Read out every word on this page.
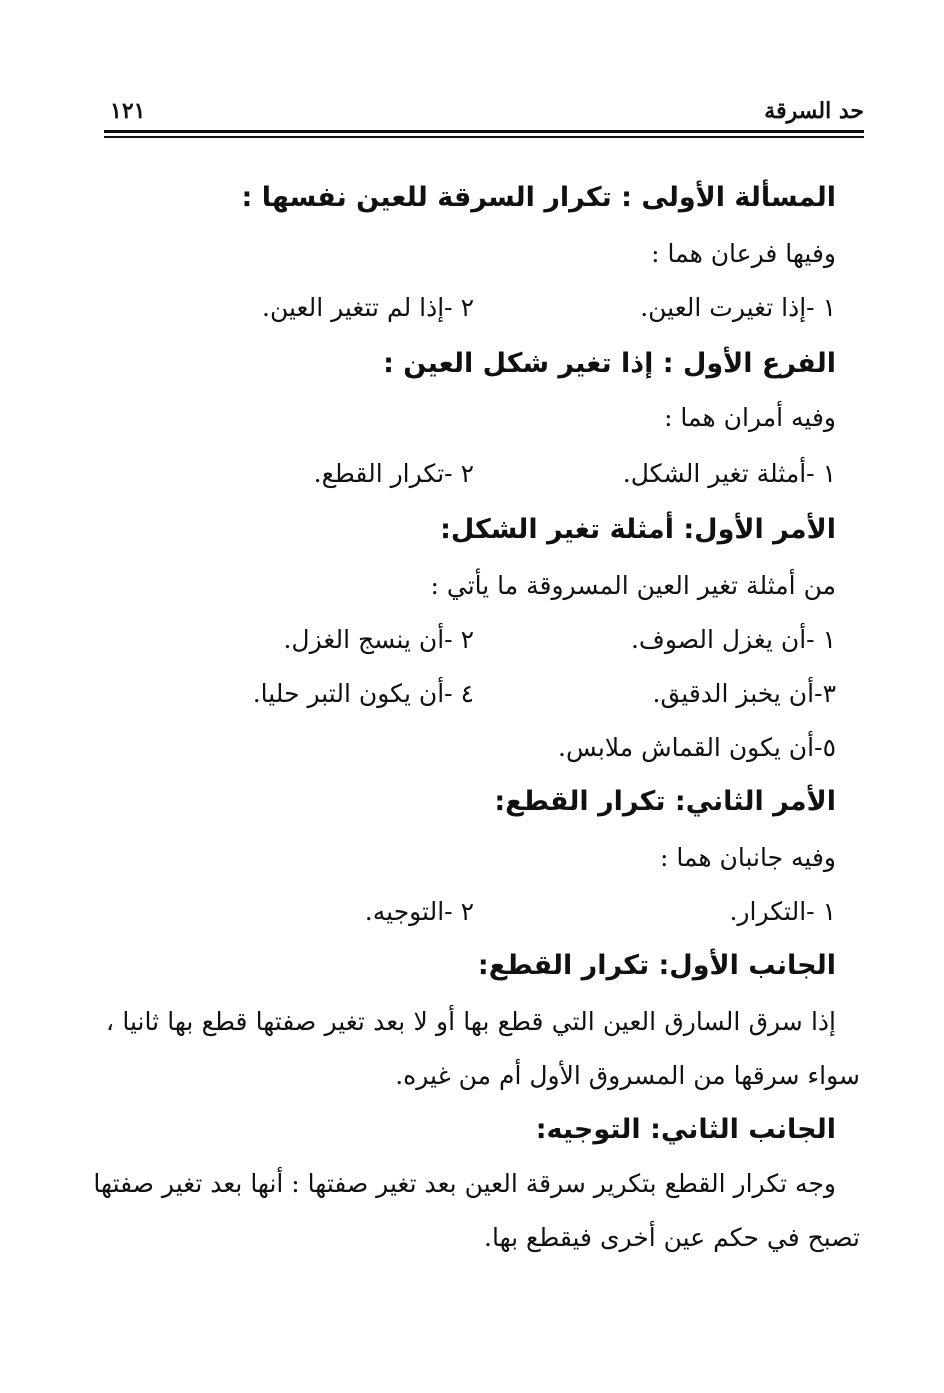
حد السرقة
١٢١
المسألة الأولى : تكرار السرقة للعين نفسها :
وفيها فرعان هما :
١ -إذا تغيرت العين.
٢ -إذا لم تتغير العين.
الفرع الأول : إذا تغير شكل العين :
وفيه أمران هما :
١ -أمثلة تغير الشكل.
٢ -تكرار القطع.
الأمر الأول: أمثلة تغير الشكل:
من أمثلة تغير العين المسروقة ما يأتي :
١ -أن يغزل الصوف.
٢ -أن ينسج الغزل.
٣-أن يخبز الدقيق.
٤ -أن يكون التبر حليا.
٥-أن يكون القماش ملابس.
الأمر الثاني: تكرار القطع:
وفيه جانبان هما :
١ -التكرار.
٢ -التوجيه.
الجانب الأول: تكرار القطع:
إذا سرق السارق العين التي قطع بها أو لا بعد تغير صفتها قطع بها ثانيا ،
سواء سرقها من المسروق الأول أم من غيره.
الجانب الثاني: التوجيه:
وجه تكرار القطع بتكرير سرقة العين بعد تغير صفتها : أنها بعد تغير صفتها
تصبح في حكم عين أخرى فيقطع بها.
